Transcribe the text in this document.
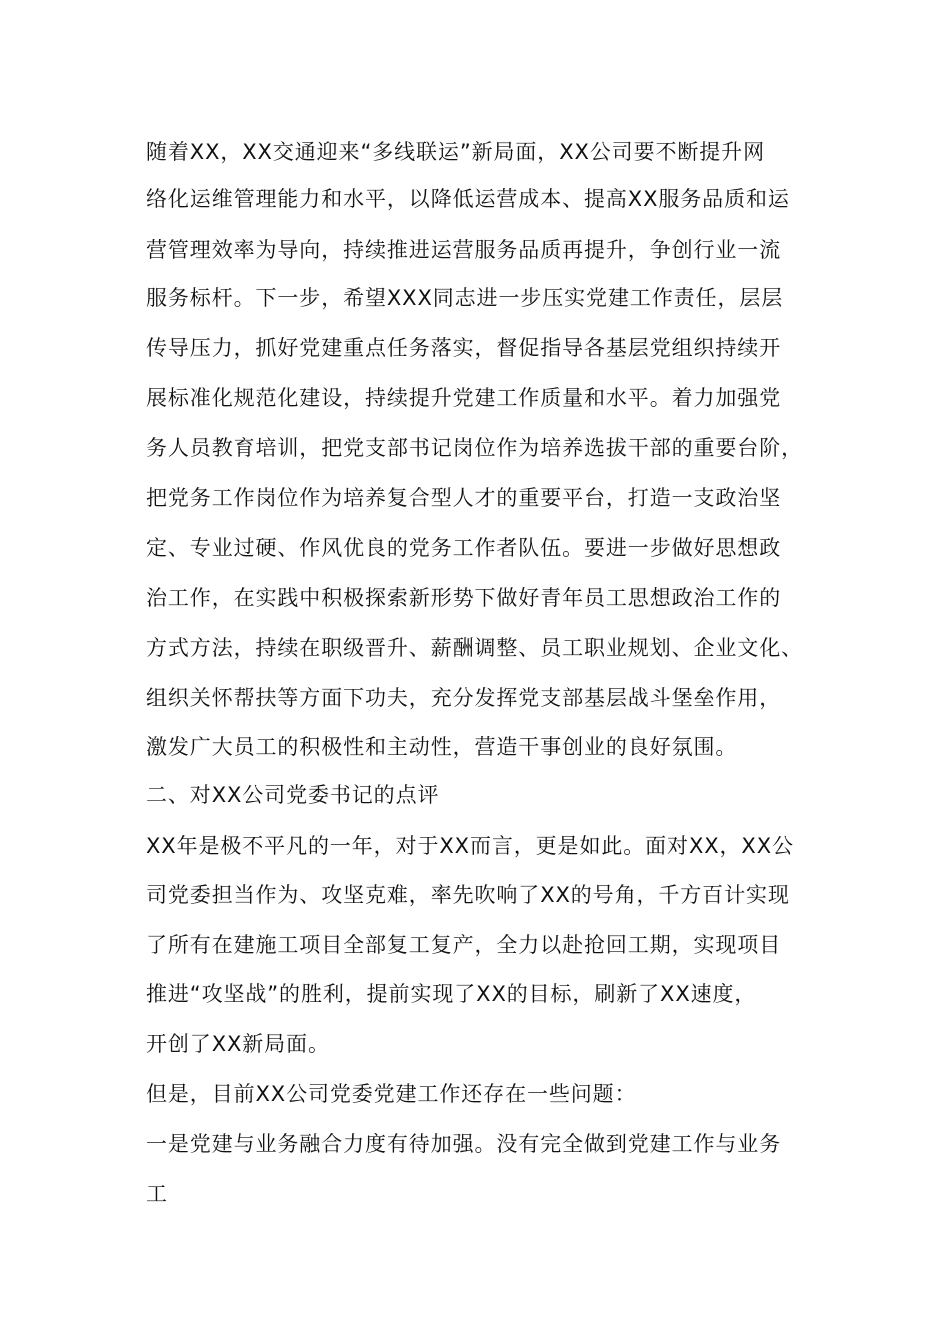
随着XX，XX交通迎来“多线联运”新局面，XX公司要不断提升网

络化运维管理能力和水平，以降低运营成本、提高XX服务品质和运

营管理效率为导向，持续推进运营服务品质再提升，争创行业一流

服务标杆。下一步，希望XXX同志进一步压实党建工作责任，层层

传导压力，抓好党建重点任务落实，督促指导各基层党组织持续开

展标准化规范化建设，持续提升党建工作质量和水平。着力加强党

务人员教育培训，把党支部书记岗位作为培养选拔干部的重要台阶，

把党务工作岗位作为培养复合型人才的重要平台，打造一支政治坚

定、专业过硬、作风优良的党务工作者队伍。要进一步做好思想政

治工作，在实践中积极探索新形势下做好青年员工思想政治工作的

方式方法，持续在职级晋升、薪酬调整、员工职业规划、企业文化、

组织关怀帮扶等方面下功夫，充分发挥党支部基层战斗堡垒作用，

激发广大员工的积极性和主动性，营造干事创业的良好氛围。

二、对XX公司党委书记的点评

XX年是极不平凡的一年，对于XX而言，更是如此。面对XX，XX公

司党委担当作为、攻坚克难，率先吹响了XX的号角，千方百计实现

了所有在建施工项目全部复工复产，全力以赴抢回工期，实现项目

推进“攻坚战”的胜利，提前实现了XX的目标，刷新了XX速度，

开创了XX新局面。

但是，目前XX公司党委党建工作还存在一些问题：

一是党建与业务融合力度有待加强。没有完全做到党建工作与业务

工
